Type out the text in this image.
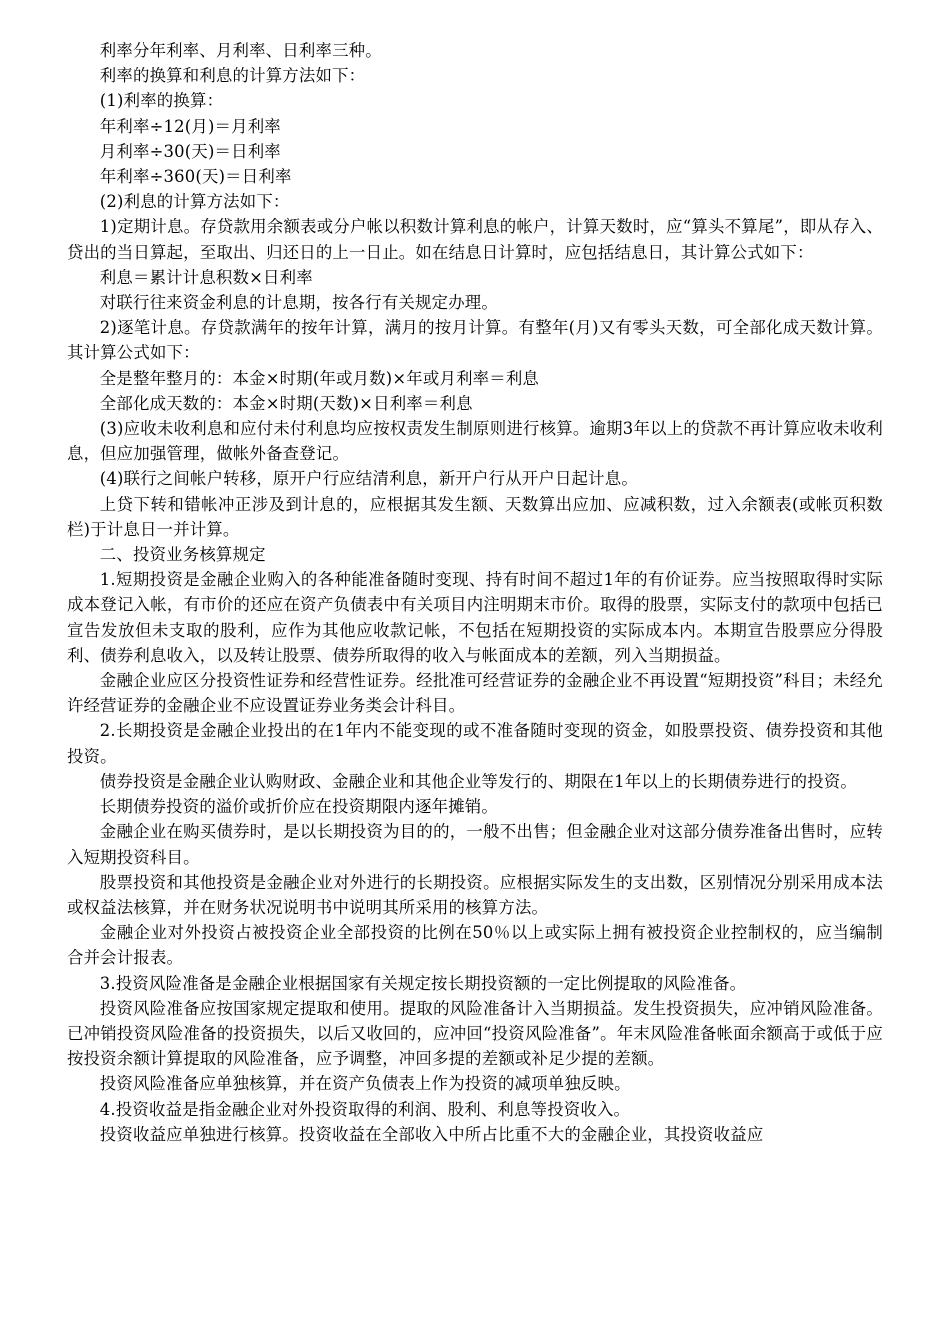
利率分年利率、月利率、日利率三种。

利率的换算和利息的计算方法如下：

(1)利率的换算：

年利率÷12(月)＝月利率

月利率÷30(天)＝日利率

年利率÷360(天)＝日利率

(2)利息的计算方法如下：

1)定期计息。存贷款用余额表或分户帐以积数计算利息的帐户，计算天数时，应“算头不算尾”，即从存入、贷出的当日算起，至取出、归还日的上一日止。如在结息日计算时，应包括结息日，其计算公式如下：

利息＝累计计息积数×日利率

对联行往来资金利息的计息期，按各行有关规定办理。

2)逐笔计息。存贷款满年的按年计算，满月的按月计算。有整年(月)又有零头天数，可全部化成天数计算。其计算公式如下：

全是整年整月的：本金×时期(年或月数)×年或月利率＝利息

全部化成天数的：本金×时期(天数)×日利率＝利息

(3)应收未收利息和应付未付利息均应按权责发生制原则进行核算。逾期3年以上的贷款不再计算应收未收利息，但应加强管理，做帐外备查登记。

(4)联行之间帐户转移，原开户行应结清利息，新开户行从开户日起计息。

上贷下转和错帐冲正涉及到计息的，应根据其发生额、天数算出应加、应减积数，过入余额表(或帐页积数栏)于计息日一并计算。

二、投资业务核算规定

1.短期投资是金融企业购入的各种能准备随时变现、持有时间不超过1年的有价证券。应当按照取得时实际成本登记入帐，有市价的还应在资产负债表中有关项目内注明期末市价。取得的股票，实际支付的款项中包括已宣告发放但未支取的股利，应作为其他应收款记帐，不包括在短期投资的实际成本内。本期宣告股票应分得股利、债券利息收入，以及转让股票、债券所取得的收入与帐面成本的差额，列入当期损益。

金融企业应区分投资性证券和经营性证券。经批准可经营证券的金融企业不再设置“短期投资”科目；未经允许经营证券的金融企业不应设置证券业务类会计科目。

2.长期投资是金融企业投出的在1年内不能变现的或不准备随时变现的资金，如股票投资、债券投资和其他投资。

债券投资是金融企业认购财政、金融企业和其他企业等发行的、期限在1年以上的长期债券进行的投资。

长期债券投资的溢价或折价应在投资期限内逐年摊销。

金融企业在购买债券时，是以长期投资为目的的，一般不出售；但金融企业对这部分债券准备出售时，应转入短期投资科目。

股票投资和其他投资是金融企业对外进行的长期投资。应根据实际发生的支出数，区别情况分别采用成本法或权益法核算，并在财务状况说明书中说明其所采用的核算方法。

金融企业对外投资占被投资企业全部投资的比例在50％以上或实际上拥有被投资企业控制权的，应当编制合并会计报表。

3.投资风险准备是金融企业根据国家有关规定按长期投资额的一定比例提取的风险准备。

投资风险准备应按国家规定提取和使用。提取的风险准备计入当期损益。发生投资损失，应冲销风险准备。已冲销投资风险准备的投资损失，以后又收回的，应冲回“投资风险准备”。年末风险准备帐面余额高于或低于应按投资余额计算提取的风险准备，应予调整，冲回多提的差额或补足少提的差额。

投资风险准备应单独核算，并在资产负债表上作为投资的减项单独反映。

4.投资收益是指金融企业对外投资取得的利润、股利、利息等投资收入。

投资收益应单独进行核算。投资收益在全部收入中所占比重不大的金融企业，其投资收益应
